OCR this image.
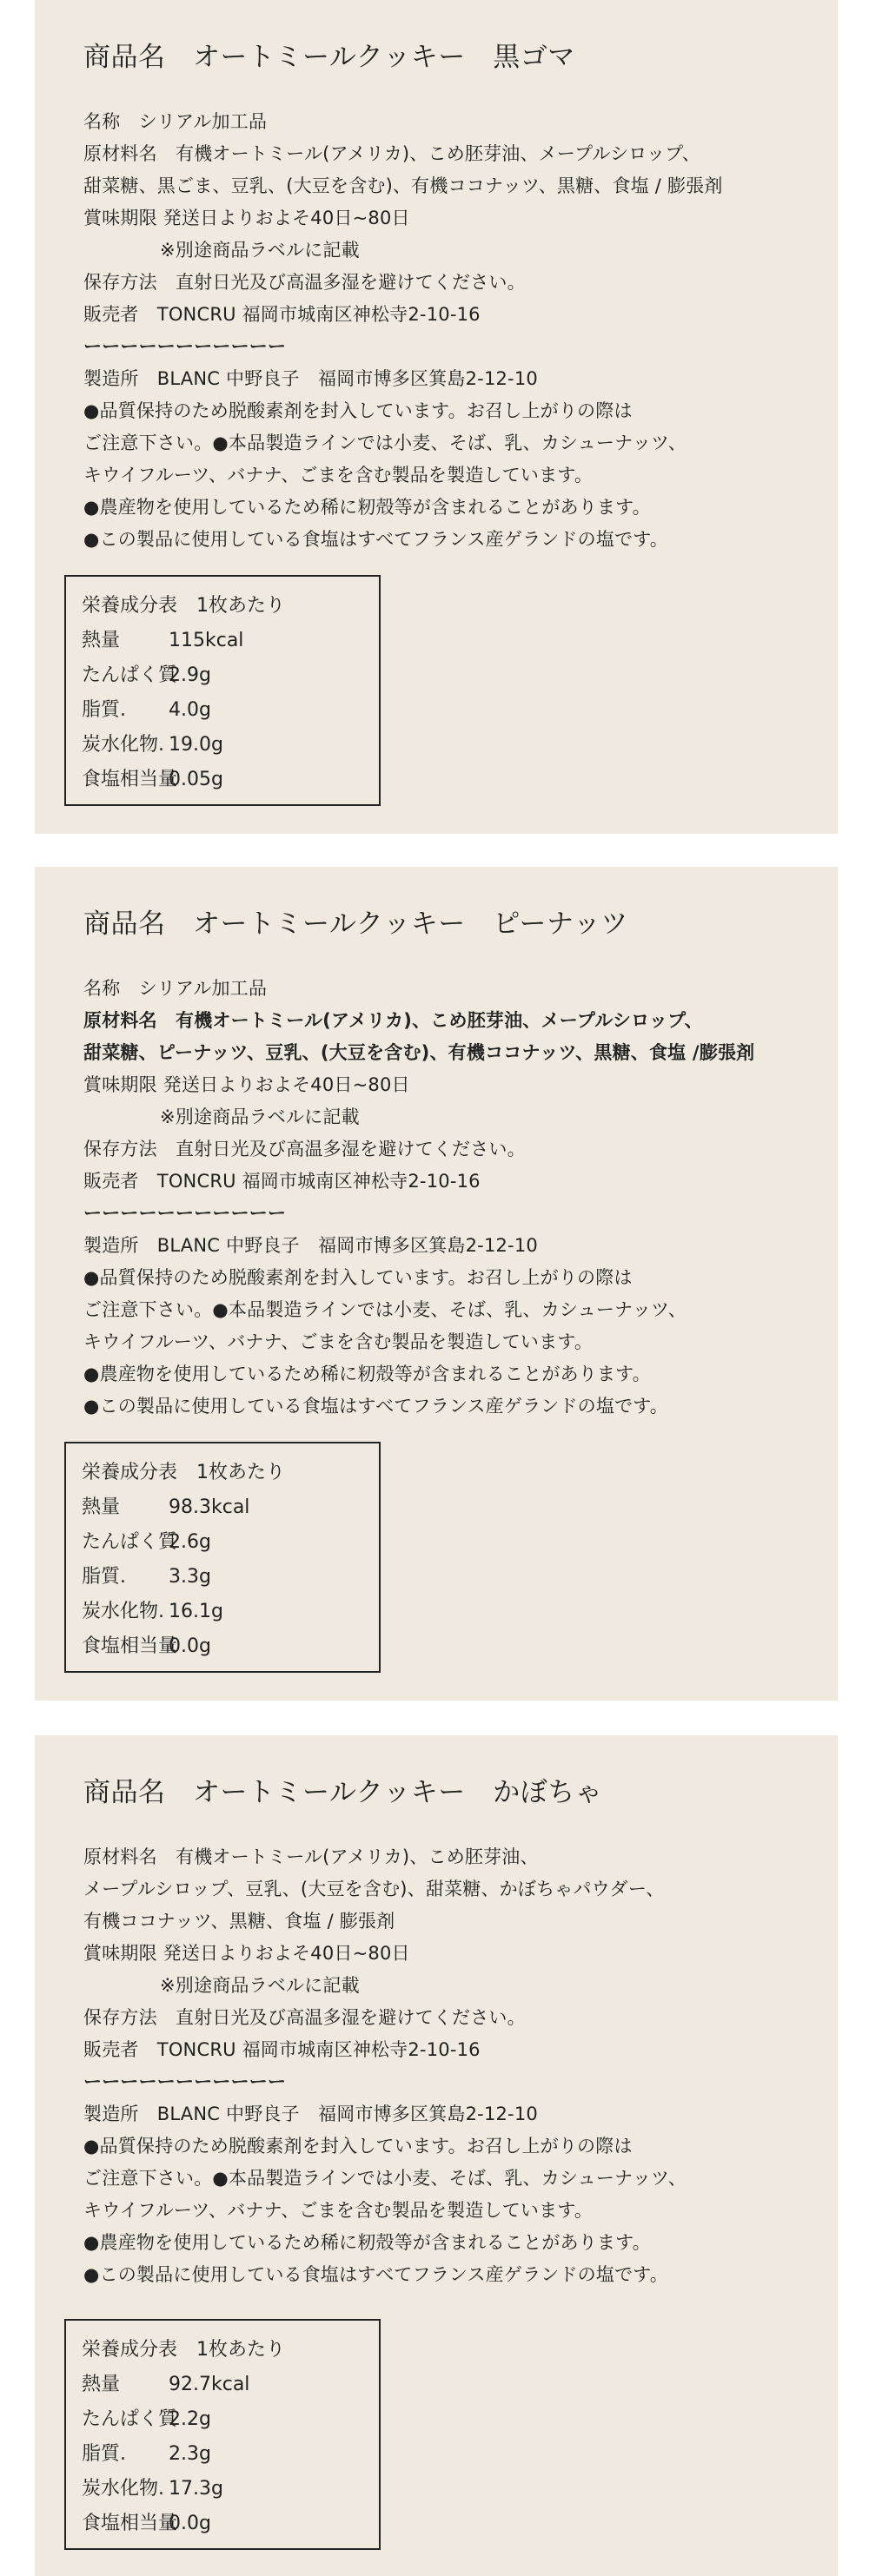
商品名　オートミールクッキー　黒ゴマ
名称　シリアル加工品
原材料名　有機オートミール(アメリカ)、こめ胚芽油、メープルシロップ、
甜菜糖、黒ごま、豆乳、(大豆を含む)、有機ココナッツ、黒糖、食塩 / 膨張剤
賞味期限 発送日よりおよそ40日~80日
※別途商品ラベルに記載
保存方法　直射日光及び高温多湿を避けてください。
販売者　TONCRU 福岡市城南区神松寺2-10-16
ーーーーーーーーーーー
製造所　BLANC 中野良子　福岡市博多区箕島2-12-10
●品質保持のため脱酸素剤を封入しています。お召し上がりの際は
ご注意下さい。●本品製造ラインでは小麦、そば、乳、カシューナッツ、
キウイフルーツ、バナナ、ごまを含む製品を製造しています。
●農産物を使用しているため稀に籾殻等が含まれることがあります。
●この製品に使用している食塩はすべてフランス産ゲランドの塩です。
栄養成分表　1枚あたり
熱量	115kcal
たんぱく質2.9g
脂質. 4.0g
炭水化物. 19.0g
食塩相当量0.05g
商品名　オートミールクッキー　ピーナッツ
名称　シリアル加工品
原材料名　有機オートミール(アメリカ)、こめ胚芽油、メープルシロップ、
甜菜糖、ピーナッツ、豆乳、(大豆を含む)、有機ココナッツ、黒糖、食塩 /膨張剤
賞味期限 発送日よりおよそ40日~80日
※別途商品ラベルに記載
保存方法　直射日光及び高温多湿を避けてください。
販売者　TONCRU 福岡市城南区神松寺2-10-16
ーーーーーーーーーーー
製造所　BLANC 中野良子　福岡市博多区箕島2-12-10
●品質保持のため脱酸素剤を封入しています。お召し上がりの際は
ご注意下さい。●本品製造ラインでは小麦、そば、乳、カシューナッツ、
キウイフルーツ、バナナ、ごまを含む製品を製造しています。
●農産物を使用しているため稀に籾殻等が含まれることがあります。
●この製品に使用している食塩はすべてフランス産ゲランドの塩です。
栄養成分表　1枚あたり
熱量	98.3kcal
たんぱく質2.6g
脂質. 3.3g
炭水化物. 16.1g
食塩相当量0.0g
商品名　オートミールクッキー　かぼちゃ
原材料名　有機オートミール(アメリカ)、こめ胚芽油、
メープルシロップ、豆乳、(大豆を含む)、甜菜糖、かぼちゃパウダー、
有機ココナッツ、黒糖、食塩 / 膨張剤
賞味期限 発送日よりおよそ40日~80日
※別途商品ラベルに記載
保存方法　直射日光及び高温多湿を避けてください。
販売者　TONCRU 福岡市城南区神松寺2-10-16
ーーーーーーーーーーー
製造所　BLANC 中野良子　福岡市博多区箕島2-12-10
●品質保持のため脱酸素剤を封入しています。お召し上がりの際は
ご注意下さい。●本品製造ラインでは小麦、そば、乳、カシューナッツ、
キウイフルーツ、バナナ、ごまを含む製品を製造しています。
●農産物を使用しているため稀に籾殻等が含まれることがあります。
●この製品に使用している食塩はすべてフランス産ゲランドの塩です。
栄養成分表　1枚あたり
熱量	92.7kcal
たんぱく質2.2g
脂質. 2.3g
炭水化物. 17.3g
食塩相当量0.0g
